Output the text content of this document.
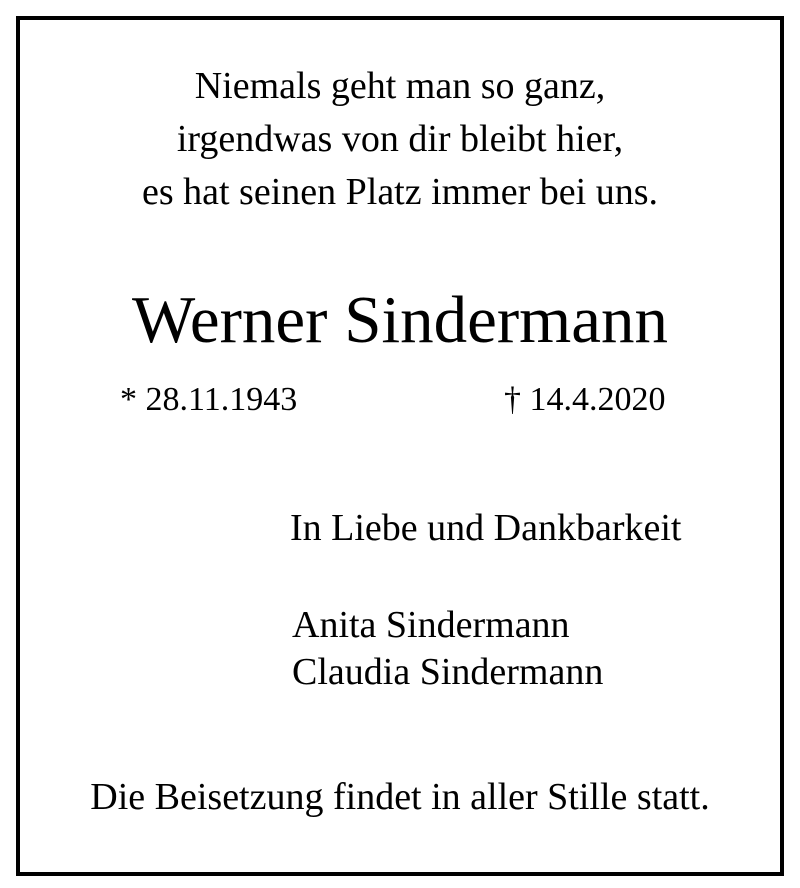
Niemals geht man so ganz,
irgendwas von dir bleibt hier,
es hat seinen Platz immer bei uns.
Werner Sindermann
* 28.11.1943	† 14.4.2020
In Liebe und Dankbarkeit
Anita Sindermann
Claudia Sindermann
Die Beisetzung findet in aller Stille statt.
